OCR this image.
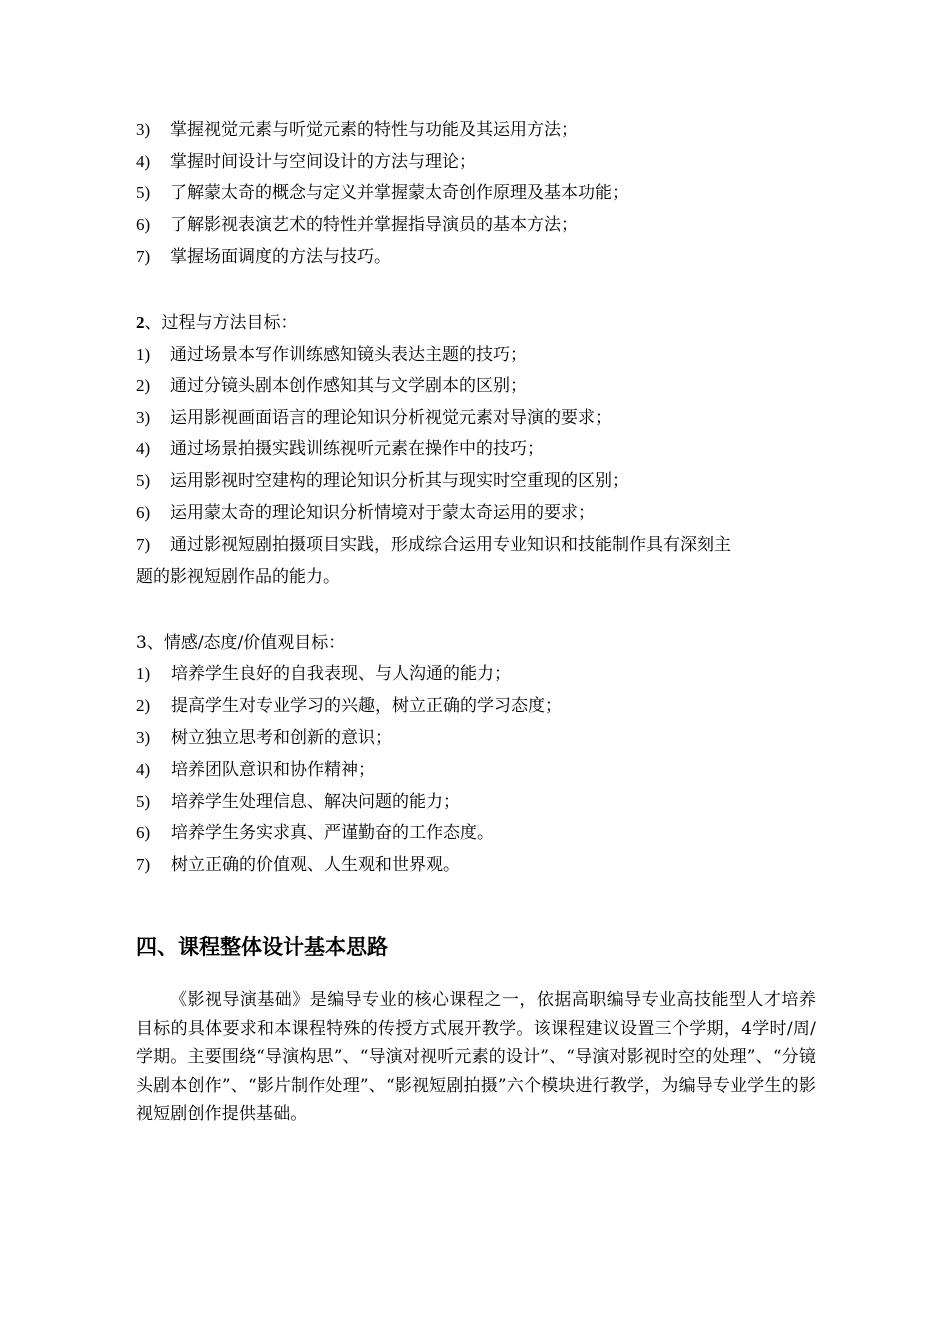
3) 掌握视觉元素与听觉元素的特性与功能及其运用方法；
4) 掌握时间设计与空间设计的方法与理论；
5) 了解蒙太奇的概念与定义并掌握蒙太奇创作原理及基本功能；
6) 了解影视表演艺术的特性并掌握指导演员的基本方法；
7) 掌握场面调度的方法与技巧。
2、过程与方法目标：
1) 通过场景本写作训练感知镜头表达主题的技巧；
2) 通过分镜头剧本创作感知其与文学剧本的区别；
3) 运用影视画面语言的理论知识分析视觉元素对导演的要求；
4) 通过场景拍摄实践训练视听元素在操作中的技巧；
5) 运用影视时空建构的理论知识分析其与现实时空重现的区别；
6) 运用蒙太奇的理论知识分析情境对于蒙太奇运用的要求；
7) 通过影视短剧拍摄项目实践，形成综合运用专业知识和技能制作具有深刻主
题的影视短剧作品的能力。
3、情感/态度/价值观目标：
1) 培养学生良好的自我表现、与人沟通的能力；
2) 提高学生对专业学习的兴趣，树立正确的学习态度；
3) 树立独立思考和创新的意识；
4) 培养团队意识和协作精神；
5) 培养学生处理信息、解决问题的能力；
6) 培养学生务实求真、严谨勤奋的工作态度。
7) 树立正确的价值观、人生观和世界观。
四、课程整体设计基本思路
《影视导演基础》是编导专业的核心课程之一，依据高职编导专业高技能型人才培养目标的具体要求和本课程特殊的传授方式展开教学。该课程建议设置三个学期，4学时/周/学期。主要围绕“导演构思”、“导演对视听元素的设计”、“导演对影视时空的处理”、“分镜头剧本创作”、“影片制作处理”、“影视短剧拍摄”六个模块进行教学，为编导专业学生的影视短剧创作提供基础。
